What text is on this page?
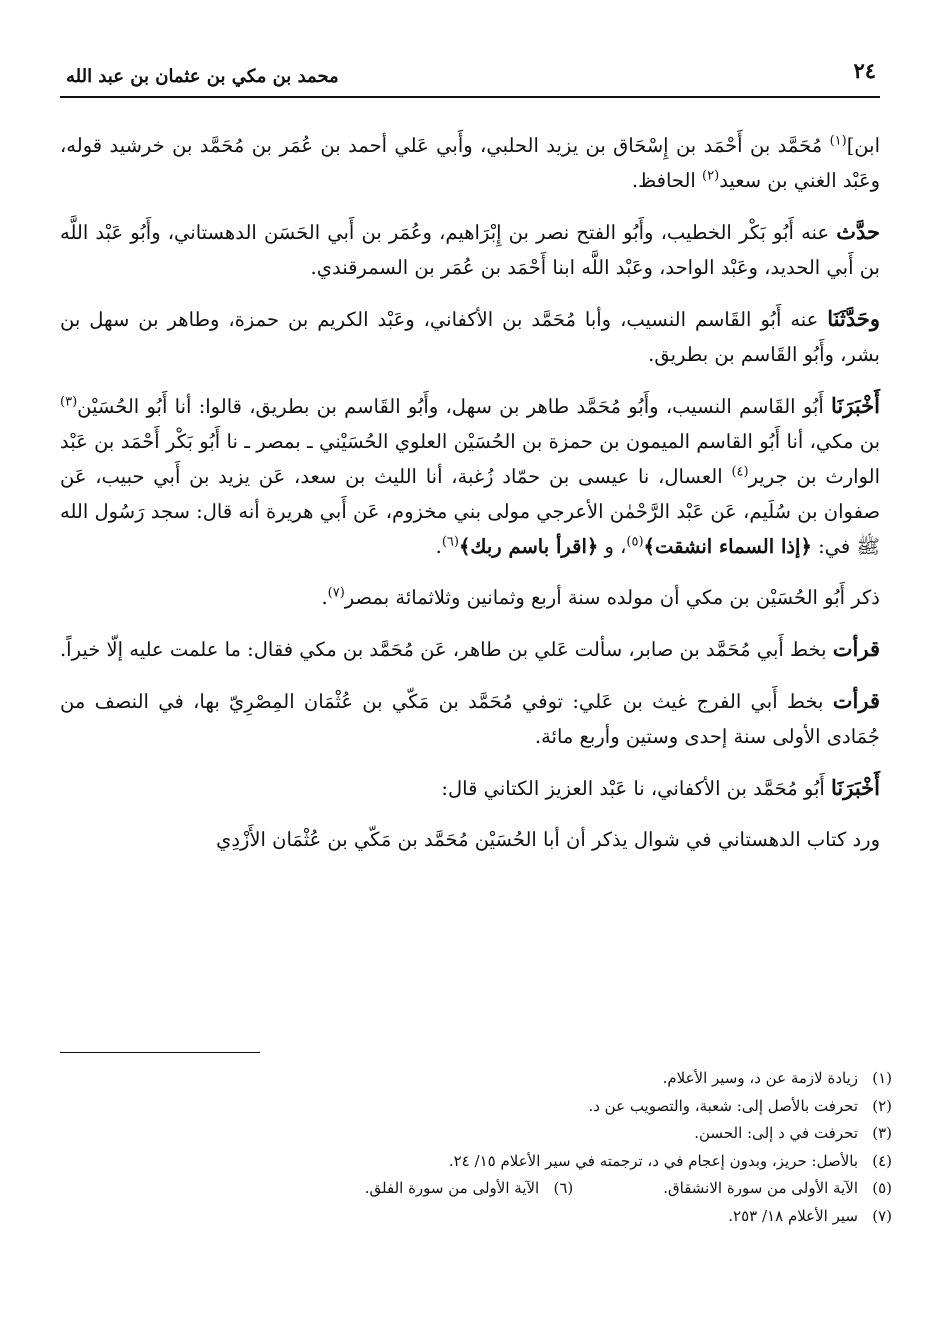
٢٤
محمد بن مكي بن عثمان بن عبد الله

ابن]$^{(١)}$ مُحَمَّد بن أَحْمَد بن إِسْحَاق بن يزيد الحلبي، وأَبي عَلي أحمد بن عُمَر بن مُحَمَّد بن خرشيد قوله، وعَبْد الغني بن سعيد$^{(٢)}$ الحافظ.

حدَّث عنه أَبُو بَكْر الخطيب، وأَبُو الفتح نصر بن إِبْرَاهيم، وعُمَر بن أَبي الحَسَن الدهستاني، وأَبُو عَبْد اللَّه بن أَبي الحديد، وعَبْد الواحد، وعَبْد اللَّه ابنا أَحْمَد بن عُمَر بن السمرقندي.

وحَدَّثَنَا عنه أَبُو القَاسم النسيب، وأبا مُحَمَّد بن الأكفاني، وعَبْد الكريم بن حمزة، وطاهر بن سهل بن بشر، وأَبُو القَاسم بن بطريق.

أَخْبَرَنَا أَبُو القَاسم النسيب، وأَبُو مُحَمَّد طاهر بن سهل، وأَبُو القَاسم بن بطريق، قالوا: أنا أَبُو الحُسَيْن$^{(٣)}$ بن مكي، أنا أَبُو القاسم الميمون بن حمزة بن الحُسَيْن العلوي الحُسَيْني ـ بمصر ـ نا أَبُو بَكْر أَحْمَد بن عَبْد الوارث بن جرير$^{(٤)}$ العسال، نا عيسى بن حمّاد زُغبة، أنا الليث بن سعد، عَن يزيد بن أَبي حبيب، عَن صفوان بن سُلَيم، عَن عَبْد الرَّحْمٰن الأعرجي مولى بني مخزوم، عَن أَبي هريرة أنه قال: سجد رَسُول الله ﷺ في: ﴿إذا السماء انشقت﴾$^{(٥)}$، و ﴿اقرأ باسم ربك﴾$^{(٦)}$.

ذكر أَبُو الحُسَيْن بن مكي أن مولده سنة أربع وثمانين وثلاثمائة بمصر$^{(٧)}$.

قرأت بخط أَبي مُحَمَّد بن صابر، سألت عَلي بن طاهر، عَن مُحَمَّد بن مكي فقال: ما علمت عليه إلّا خيراً.

قرأت بخط أَبي الفرج غيث بن عَلي: توفي مُحَمَّد بن مَكّي بن عُثْمَان المِصْرِيّ بها، في النصف من جُمَادى الأولى سنة إحدى وستين وأربع مائة.

أَخْبَرَنَا أَبُو مُحَمَّد بن الأكفاني، نا عَبْد العزيز الكتاني قال:

ورد كتاب الدهستاني في شوال يذكر أن أبا الحُسَيْن مُحَمَّد بن مَكّي بن عُثْمَان الأَزْدِي

(١)
زيادة لازمة عن د، وسير الأعلام.
(٢)
تحرفت بالأصل إلى: شعبة، والتصويب عن د.
(٣)
تحرفت في د إلى: الحسن.
(٤)
بالأصل: حريز، وبدون إعجام في د، ترجمته في سير الأعلام ١٥/ ٢٤.
(٥)
الآية الأولى من سورة الانشقاق.
(٦)
الآية الأولى من سورة الفلق.
(٧)
سير الأعلام ١٨/ ٢٥٣.
